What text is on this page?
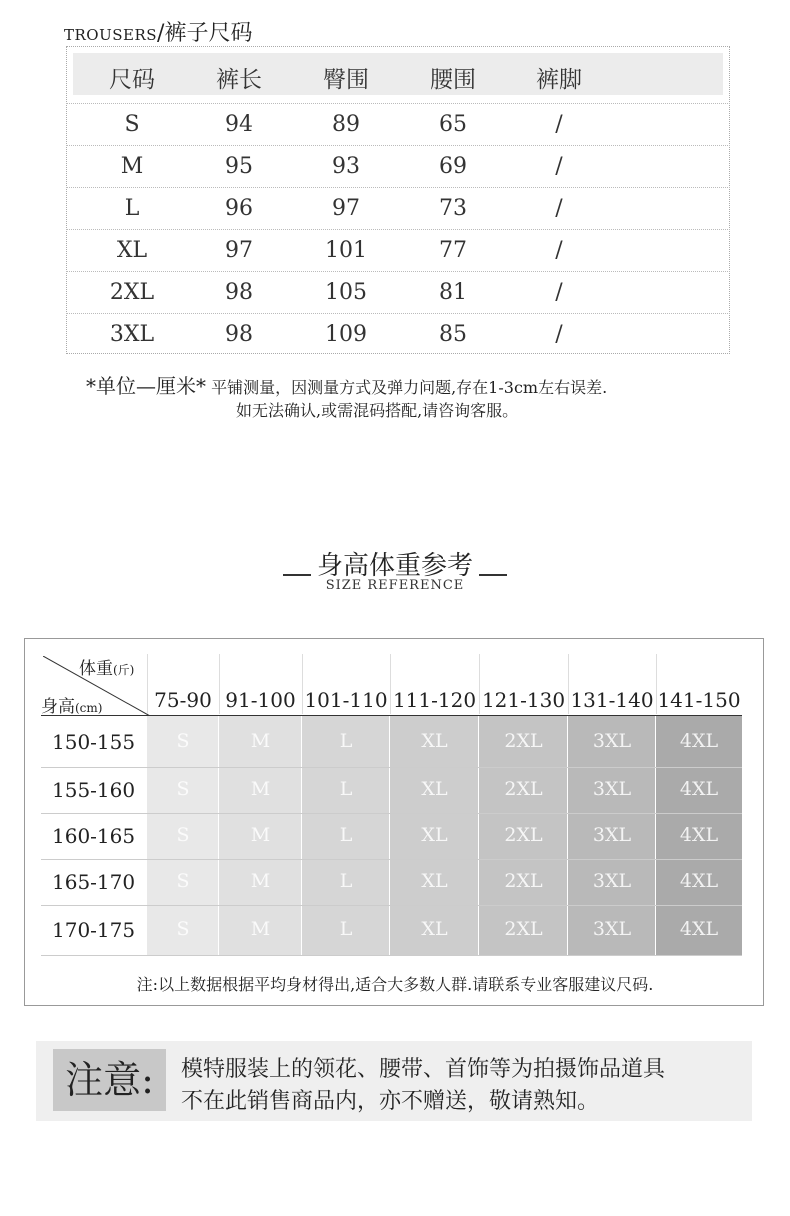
TROUSERS/裤子尺码
尺码	裤长	臀围	腰围	裤脚
S	94	89	65	/
M	95	93	69	/
L	96	97	73	/
XL	97	101	77	/
2XL	98	105	81	/
3XL	98	109	85	/
*单位—厘米* 平铺测量，因测量方式及弹力问题,存在1-3cm左右误差.
如无法确认,或需混码搭配,请咨询客服。
身高体重参考
SIZE REFERENCE
体重(斤)
身高(cm)	75-90 91-100 101-110 111-120 121-130 131-140 141-150
150-155 S	M	L	XL	2XL	3XL	4XL
155-160 S	M	L	XL	2XL	3XL	4XL
160-165 S	M	L	XL	2XL	3XL	4XL
165-170 S	M	L	XL	2XL	3XL	4XL
170-175 S	M	L	XL	2XL	3XL	4XL
注:以上数据根据平均身材得出,适合大多数人群.请联系专业客服建议尺码.
注意:	模特服装上的领花、腰带、首饰等为拍摄饰品道具
不在此销售商品内，亦不赠送，敬请熟知。
